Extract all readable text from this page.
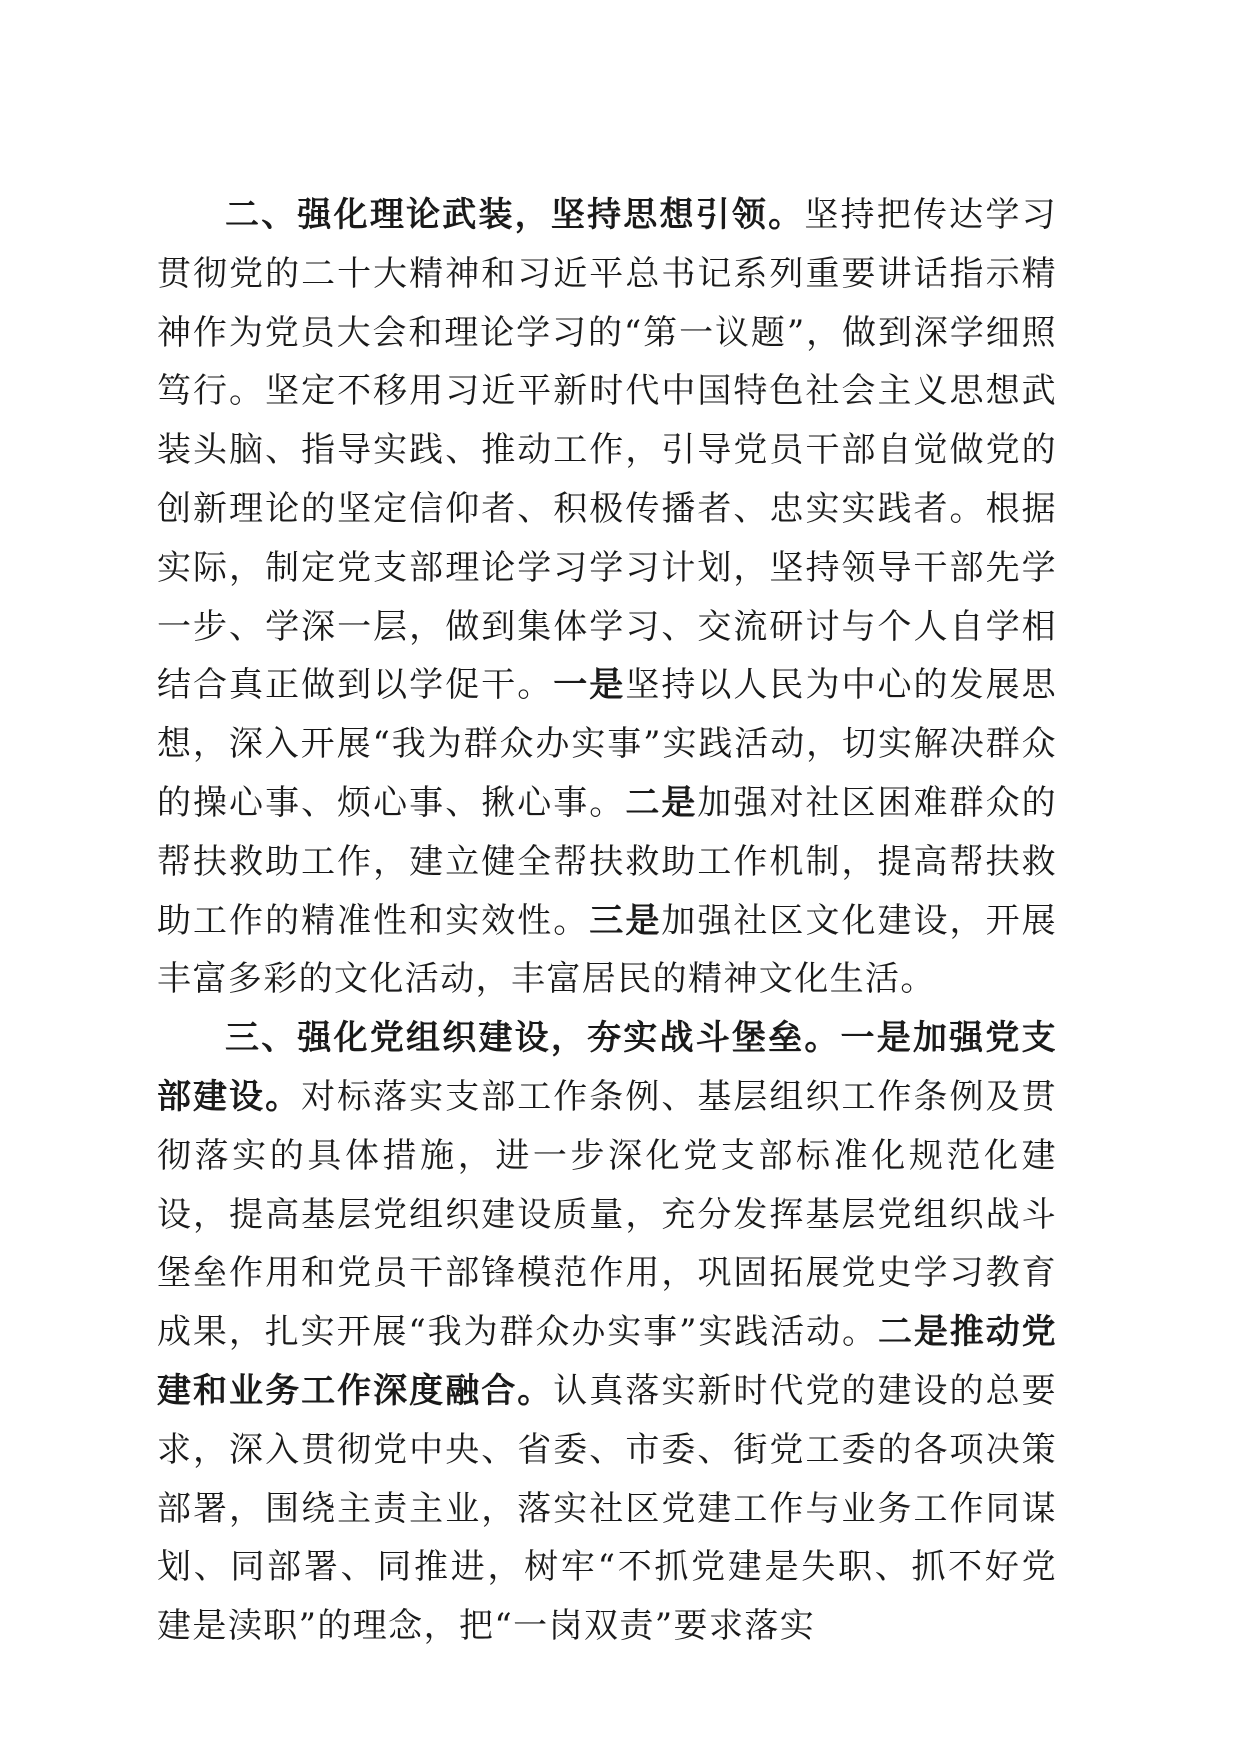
二、强化理论武装，坚持思想引领。坚持把传达学习贯彻党的二十大精神和习近平总书记系列重要讲话指示精神作为党员大会和理论学习的“第一议题”，做到深学细照笃行。坚定不移用习近平新时代中国特色社会主义思想武装头脑、指导实践、推动工作，引导党员干部自觉做党的创新理论的坚定信仰者、积极传播者、忠实实践者。根据实际，制定党支部理论学习学习计划，坚持领导干部先学一步、学深一层，做到集体学习、交流研讨与个人自学相结合真正做到以学促干。一是坚持以人民为中心的发展思想，深入开展“我为群众办实事”实践活动，切实解决群众的操心事、烦心事、揪心事。二是加强对社区困难群众的帮扶救助工作，建立健全帮扶救助工作机制，提高帮扶救助工作的精准性和实效性。三是加强社区文化建设，开展丰富多彩的文化活动，丰富居民的精神文化生活。

三、强化党组织建设，夯实战斗堡垒。一是加强党支部建设。对标落实支部工作条例、基层组织工作条例及贯彻落实的具体措施，进一步深化党支部标准化规范化建设，提高基层党组织建设质量，充分发挥基层党组织战斗堡垒作用和党员干部锋模范作用，巩固拓展党史学习教育成果，扎实开展“我为群众办实事”实践活动。二是推动党建和业务工作深度融合。认真落实新时代党的建设的总要求，深入贯彻党中央、省委、市委、街党工委的各项决策部署，围绕主责主业，落实社区党建工作与业务工作同谋划、同部署、同推进，树牢“不抓党建是失职、抓不好党建是渎职”的理念，把“一岗双责”要求落实
